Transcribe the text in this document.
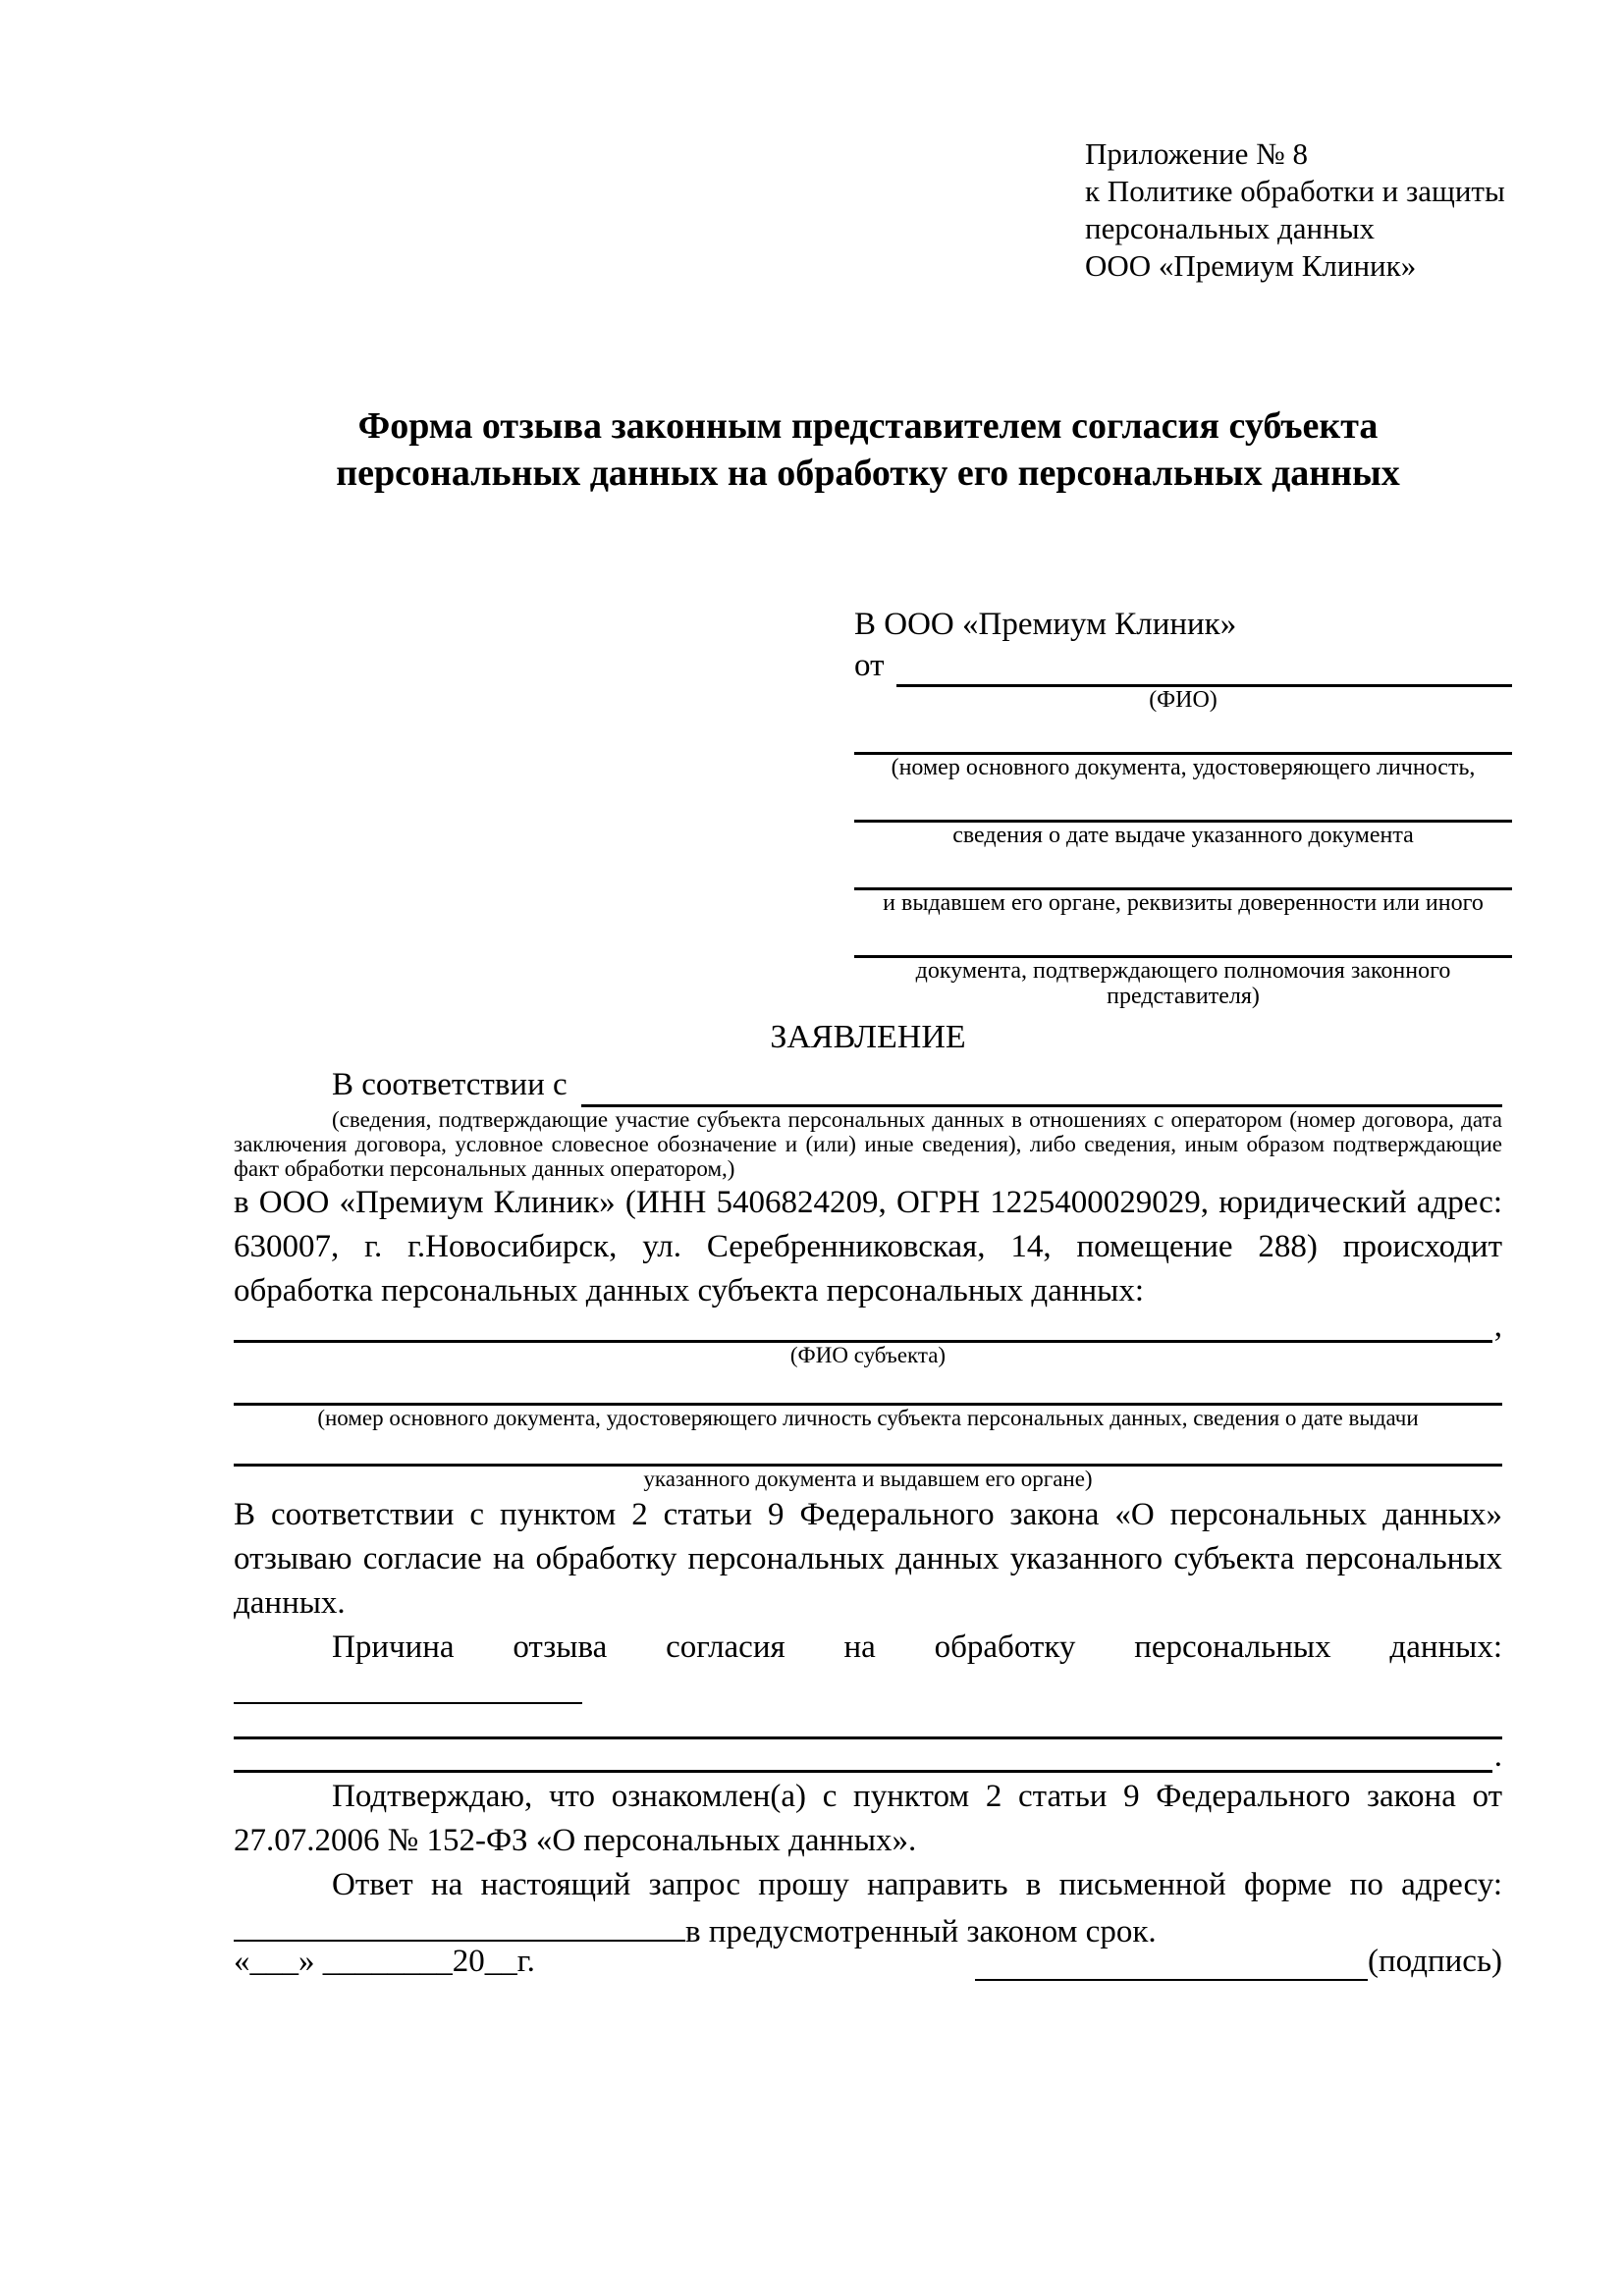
Приложение № 8
к Политике обработки и защиты
персональных данных
ООО «Премиум Клиник»
Форма отзыва законным представителем согласия субъекта персональных данных на обработку его персональных данных
В ООО «Премиум Клиник»
от
(ФИО)
(номер основного документа, удостоверяющего личность,
сведения о дате выдаче указанного документа
и выдавшем его органе, реквизиты доверенности или иного
документа, подтверждающего полномочия законного представителя)
ЗАЯВЛЕНИЕ
В соответствии с

(сведения, подтверждающие участие субъекта персональных данных в отношениях с оператором (номер договора, дата заключения договора, условное словесное обозначение и (или) иные сведения), либо сведения, иным образом подтверждающие факт обработки персональных данных оператором,)

в ООО «Премиум Клиник» (ИНН 5406824209, ОГРН 1225400029029, юридический адрес: 630007, г. г.Новосибирск, ул. Серебренниковская, 14, помещение 288) происходит обработка персональных данных субъекта персональных данных:

,
(ФИО субъекта)
(номер основного документа, удостоверяющего личность субъекта персональных данных, сведения о дате выдачи
указанного документа и выдавшем его органе)

В соответствии с пунктом 2 статьи 9 Федерального закона «О персональных данных» отзываю согласие на обработку персональных данных указанного субъекта персональных данных.

Причина отзыва согласия на обработку персональных данных:

.

Подтверждаю, что ознакомлен(а) с пунктом 2 статьи 9 Федерального закона от 27.07.2006 № 152-ФЗ «О персональных данных».

Ответ на настоящий запрос прошу направить в письменной форме по адресу: в предусмотренный законом срок.

«___» ________20__г.	(подпись)
